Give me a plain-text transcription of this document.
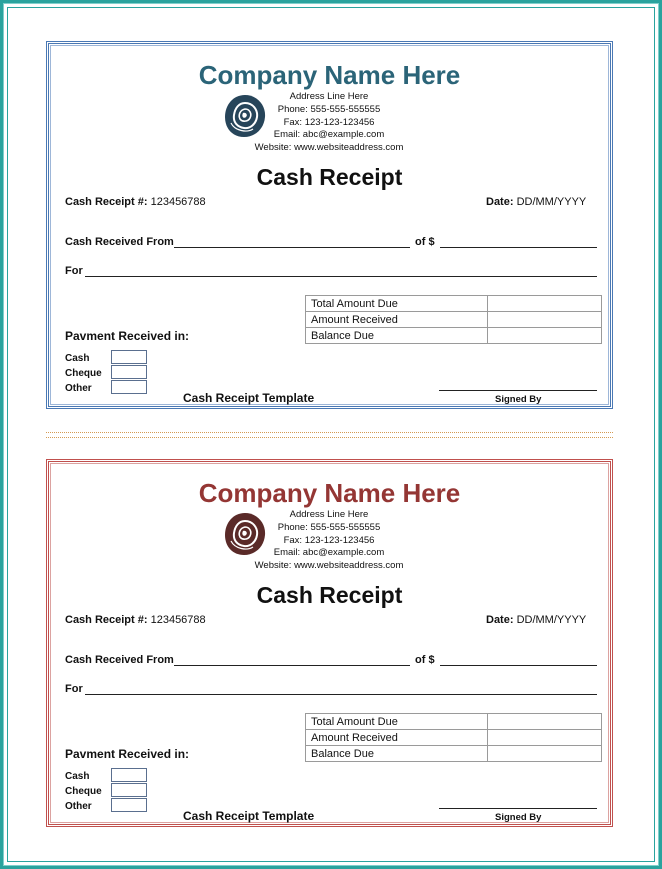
Company Name Here
Address Line Here
Phone: 555-555-555555
Fax: 123-123-123456
Email: abc@example.com
Website: www.websiteaddress.com
Cash Receipt
Cash Receipt #: 123456788	Date: DD/MM/YYYY
Cash Received From	of $
For
Total Amount Due	
Amount Received	
Balance Due	
Pavment Received in:
Cash
Cheque
Other
Cash Receipt Template	Signed By
Company Name Here
Address Line Here
Phone: 555-555-555555
Fax: 123-123-123456
Email: abc@example.com
Website: www.websiteaddress.com
Cash Receipt
Cash Receipt #: 123456788	Date: DD/MM/YYYY
Cash Received From	of $
For
Total Amount Due	
Amount Received	
Balance Due	
Pavment Received in:
Cash
Cheque
Other
Cash Receipt Template	Signed By
